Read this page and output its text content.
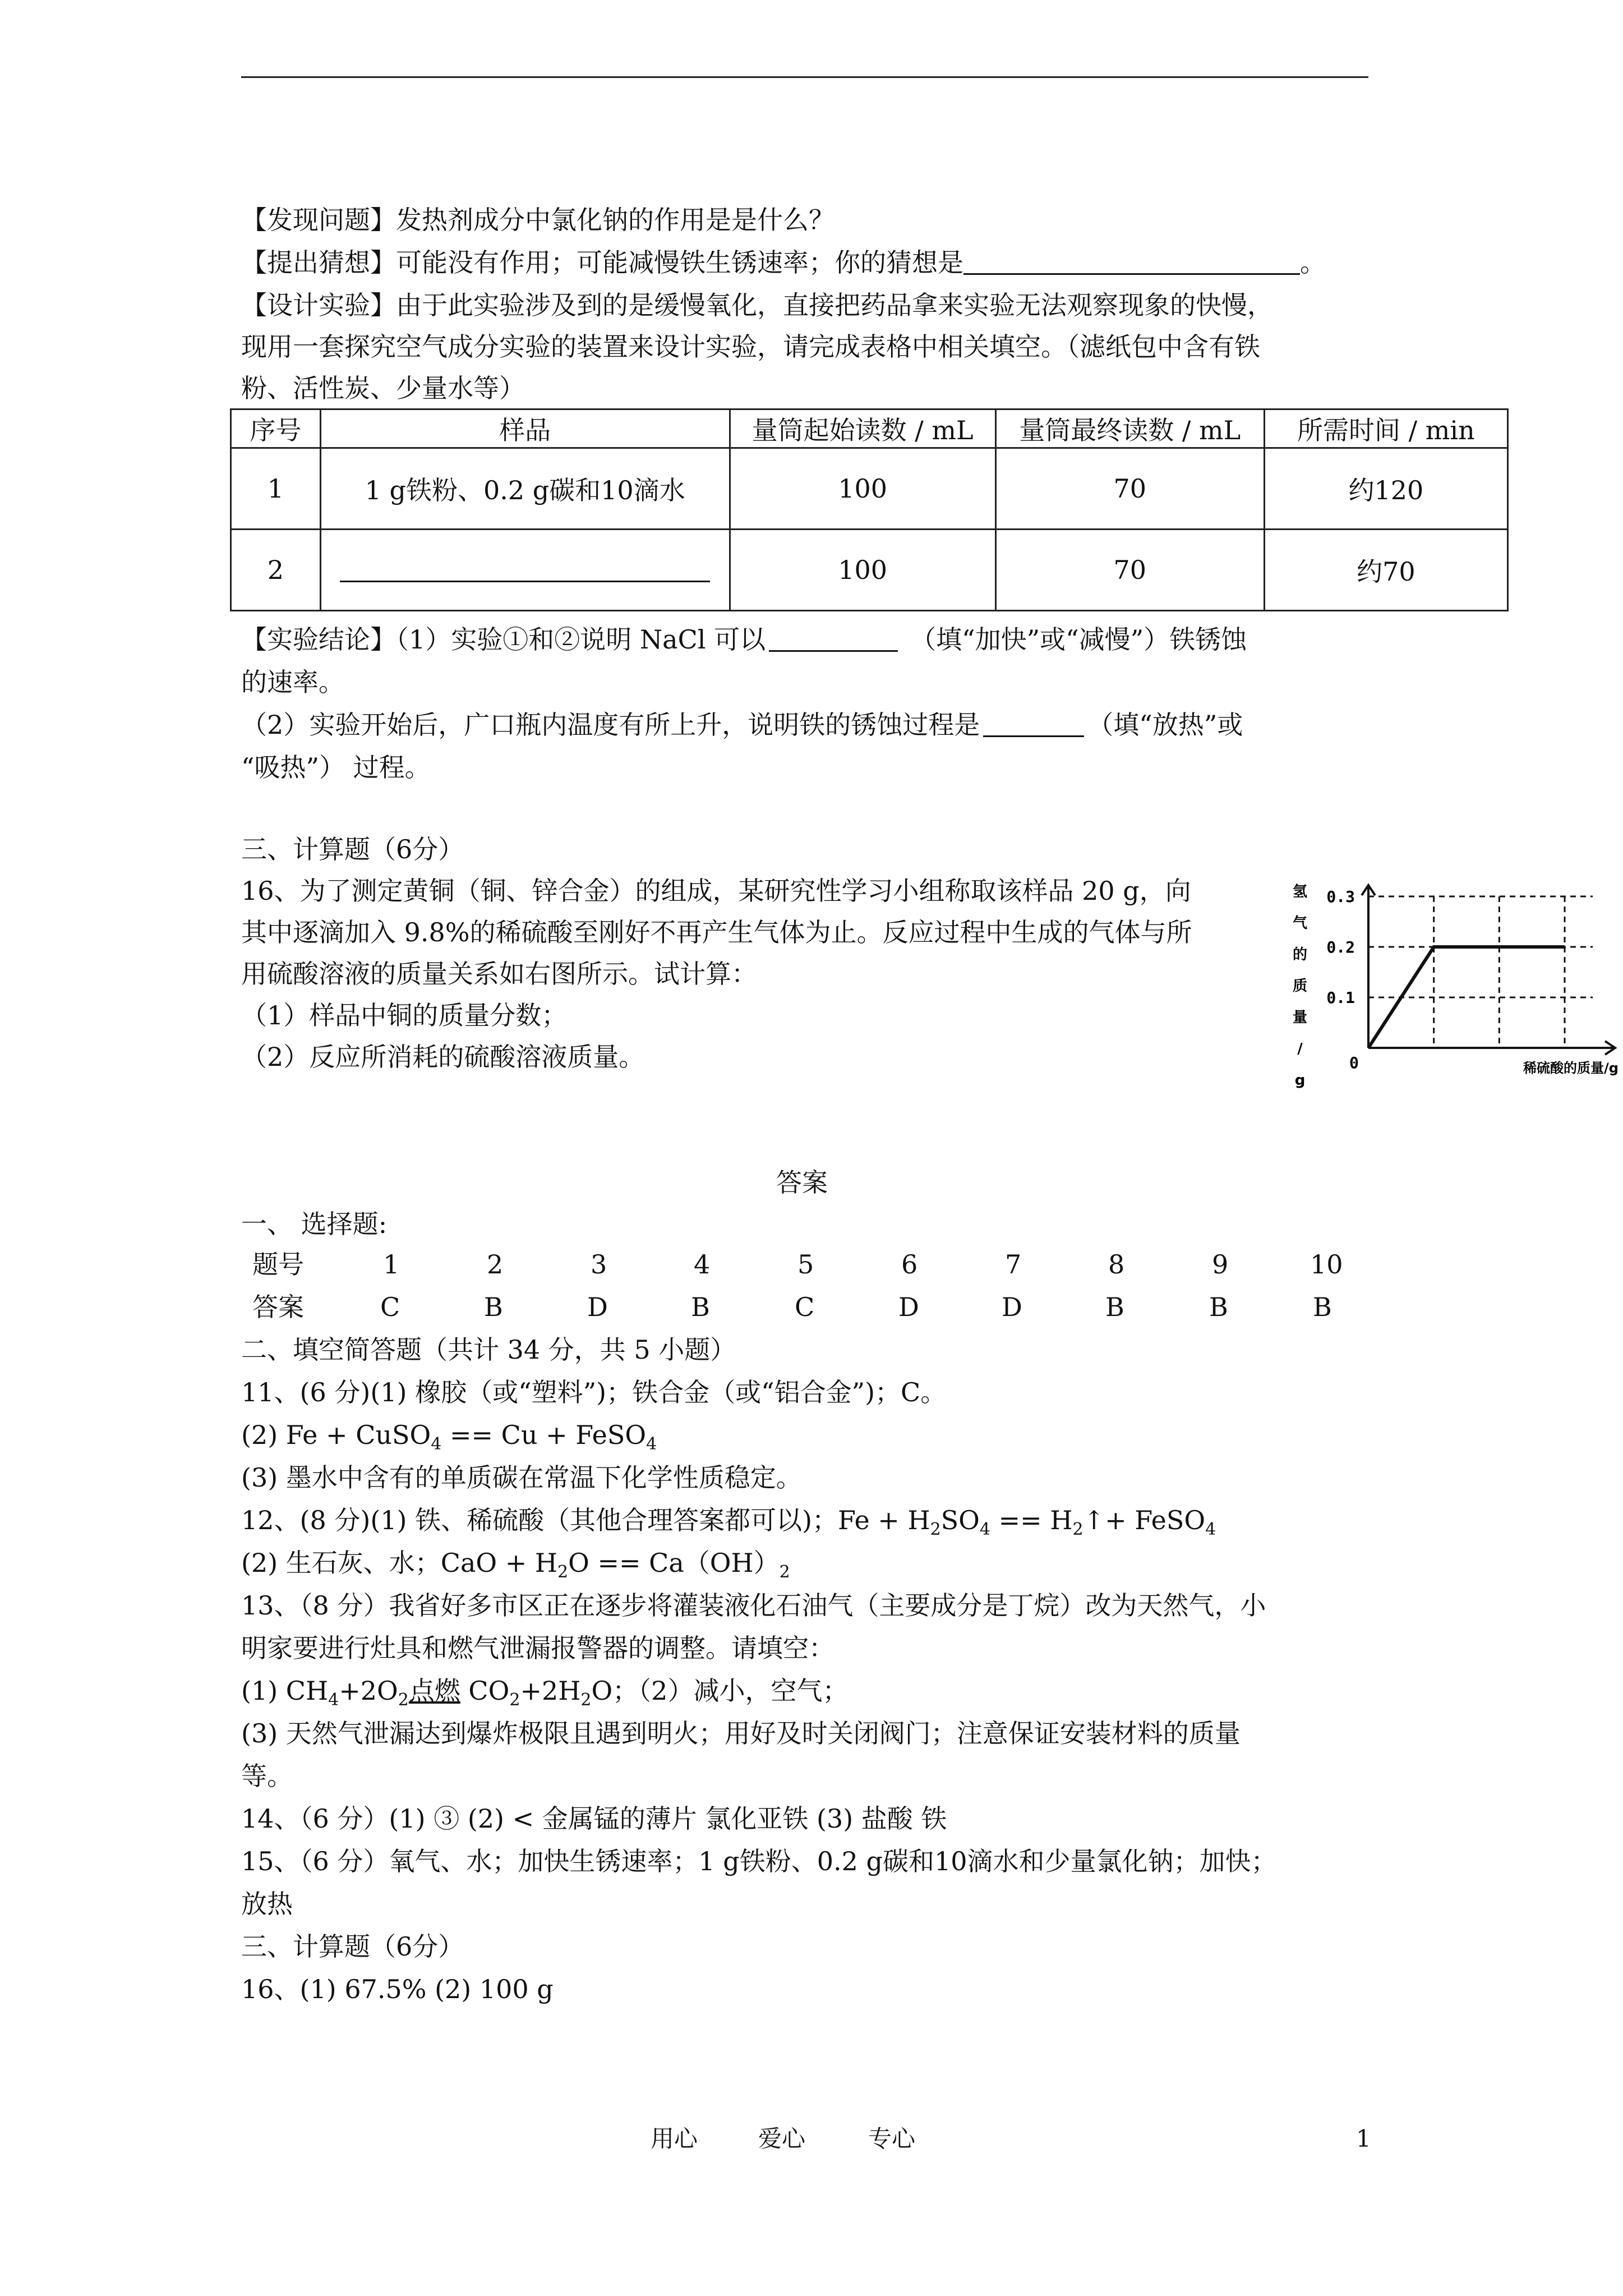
【发现问题】发热剂成分中氯化钠的作用是是什么？
【提出猜想】可能没有作用；可能减慢铁生锈速率；你的猜想是	。
【设计实验】由于此实验涉及到的是缓慢氧化，直接把药品拿来实验无法观察现象的快慢，
现用一套探究空气成分实验的装置来设计实验，请完成表格中相关填空。（滤纸包中含有铁
粉、活性炭、少量水等）
序号	样品	量筒起始读数 / mL	量筒最终读数 / mL	所需时间 / min
1	1 g铁粉、0.2 g碳和10滴水	100	70	约120
2		100	70	约70
【实验结论】（1）实验①和②说明 NaCl 可以	（填“加快”或“减慢”）铁锈蚀
的速率。
（2）实验开始后，广口瓶内温度有所上升，说明铁的锈蚀过程是	（填“放热”或
“吸热”） 过程。
三、计算题（6分）
16、为了测定黄铜（铜、锌合金）的组成，某研究性学习小组称取该样品 20 g，向
其中逐滴加入 9.8%的稀硫酸至刚好不再产生气体为止。反应过程中生成的气体与所
用硫酸溶液的质量关系如右图所示。试计算：
（1）样品中铜的质量分数；
（2）反应所消耗的硫酸溶液质量。
0.1
0.2
0.3
0
氢
气
的
质
量
/
g
稀硫酸的质量/g
答案
一、 选择题:
题号	1	2	3	4	5	6	7	8	9	10
答案	C	B	D	B	C	D	D	B	B	B
二、填空简答题（共计 34 分，共 5 小题）
11、(6 分)(1) 橡胶（或“塑料”)；铁合金（或“铝合金”)；C。
(2) Fe + CuSO$_4$ == Cu + FeSO$_4$
(3) 墨水中含有的单质碳在常温下化学性质稳定。
12、(8 分)(1) 铁、稀硫酸（其他合理答案都可以)；$Fe + H_2SO_4$ == $H_2↑+$ FeSO$_4$
(2) 生石灰、水；CaO + $H_2O == Ca(OH)_2$
13、（8 分）我省好多市区正在逐步将灌装液化石油气（主要成分是丁烷）改为天然气，小
明家要进行灶具和燃气泄漏报警器的调整。请填空：
(1) $CH_4+2O_2$点燃 $CO_2+2H_2O$；（2）减小，空气；
(3) 天然气泄漏达到爆炸极限且遇到明火；用好及时关闭阀门；注意保证安装材料的质量
等。
14、（6 分）(1) ③ (2) < 金属锰的薄片 氯化亚铁 (3) 盐酸 铁
15、（6 分）氧气、水；加快生锈速率；1 g铁粉、0.2 g碳和10滴水和少量氯化钠；加快；
放热
三、计算题（6分）
16、(1) 67.5% (2) 100 g
用心	爱心	专心	1
